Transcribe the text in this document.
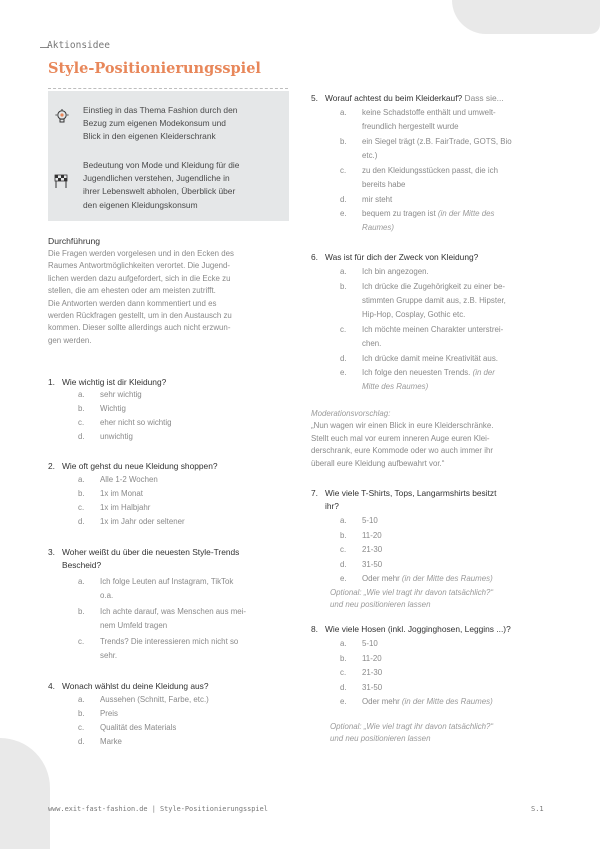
Aktionsidee
Style-Positionierungsspiel
Einstieg in das Thema Fashion durch den
Bezug zum eigenen Modekonsum und
Blick in den eigenen Kleiderschrank
Bedeutung von Mode und Kleidung für die
Jugendlichen verstehen, Jugendliche in
ihrer Lebenswelt abholen, Überblick über
den eigenen Kleidungskonsum
Durchführung

Die Fragen werden vorgelesen und in den Ecken des

Raumes Antwortmöglichkeiten verortet. Die Jugend-

lichen werden dazu aufgefordert, sich in die Ecke zu

stellen, die am ehesten oder am meisten zutrifft.

Die Antworten werden dann kommentiert und es

werden Rückfragen gestellt, um in den Austausch zu

kommen. Dieser sollte allerdings auch nicht erzwun-

gen werden.

1. Wie wichtig ist dir Kleidung?
a. sehr wichtig
b. Wichtig
c. eher nicht so wichtig
d. unwichtig
2. Wie oft gehst du neue Kleidung shoppen?
a. Alle 1-2 Wochen
b. 1x im Monat
c. 1x im Halbjahr
d. 1x im Jahr oder seltener
3. Woher weißt du über die neuesten Style-Trends
Bescheid?
a. Ich folge Leuten auf Instagram, TikTok
o.a.
b. Ich achte darauf, was Menschen aus mei-
nem Umfeld tragen
c. Trends? Die interessieren mich nicht so
sehr.
4. Wonach wählst du deine Kleidung aus?
a. Aussehen (Schnitt, Farbe, etc.)
b. Preis
c. Qualität des Materials
d. Marke
5. Worauf achtest du beim Kleiderkauf? Dass sie...
a. keine Schadstoffe enthält und umwelt-
freundlich hergestellt wurde
b. ein Siegel trägt (z.B. FairTrade, GOTS, Bio
etc.)
c. zu den Kleidungsstücken passt, die ich
bereits habe
d. mir steht
e. bequem zu tragen ist (in der Mitte des
Raumes)
6. Was ist für dich der Zweck von Kleidung?
a. Ich bin angezogen.
b. Ich drücke die Zugehörigkeit zu einer be-
stimmten Gruppe damit aus, z.B. Hipster,
Hip-Hop, Cosplay, Gothic etc.
c. Ich möchte meinen Charakter unterstrei-
chen.
d. Ich drücke damit meine Kreativität aus.
e. Ich folge den neuesten Trends. (in der
Mitte des Raumes)
Moderationsvorschlag:
„Nun wagen wir einen Blick in eure Kleiderschränke.
Stellt euch mal vor eurem inneren Auge euren Klei-
derschrank, eure Kommode oder wo auch immer ihr
überall eure Kleidung aufbewahrt vor.“
7. Wie viele T-Shirts, Tops, Langarmshirts besitzt
ihr?
a. 5-10
b. 11-20
c. 21-30
d. 31-50
e. Oder mehr (in der Mitte des Raumes)
Optional: „Wie viel tragt ihr davon tatsächlich?“
und neu positionieren lassen
8. Wie viele Hosen (inkl. Jogginghosen, Leggins ...)?
a. 5-10
b. 11-20
c. 21-30
d. 31-50
e. Oder mehr (in der Mitte des Raumes)
Optional: „Wie viel tragt ihr davon tatsächlich?“
und neu positionieren lassen
www.exit-fast-fashion.de | Style-Positionierungsspiel	S.1
